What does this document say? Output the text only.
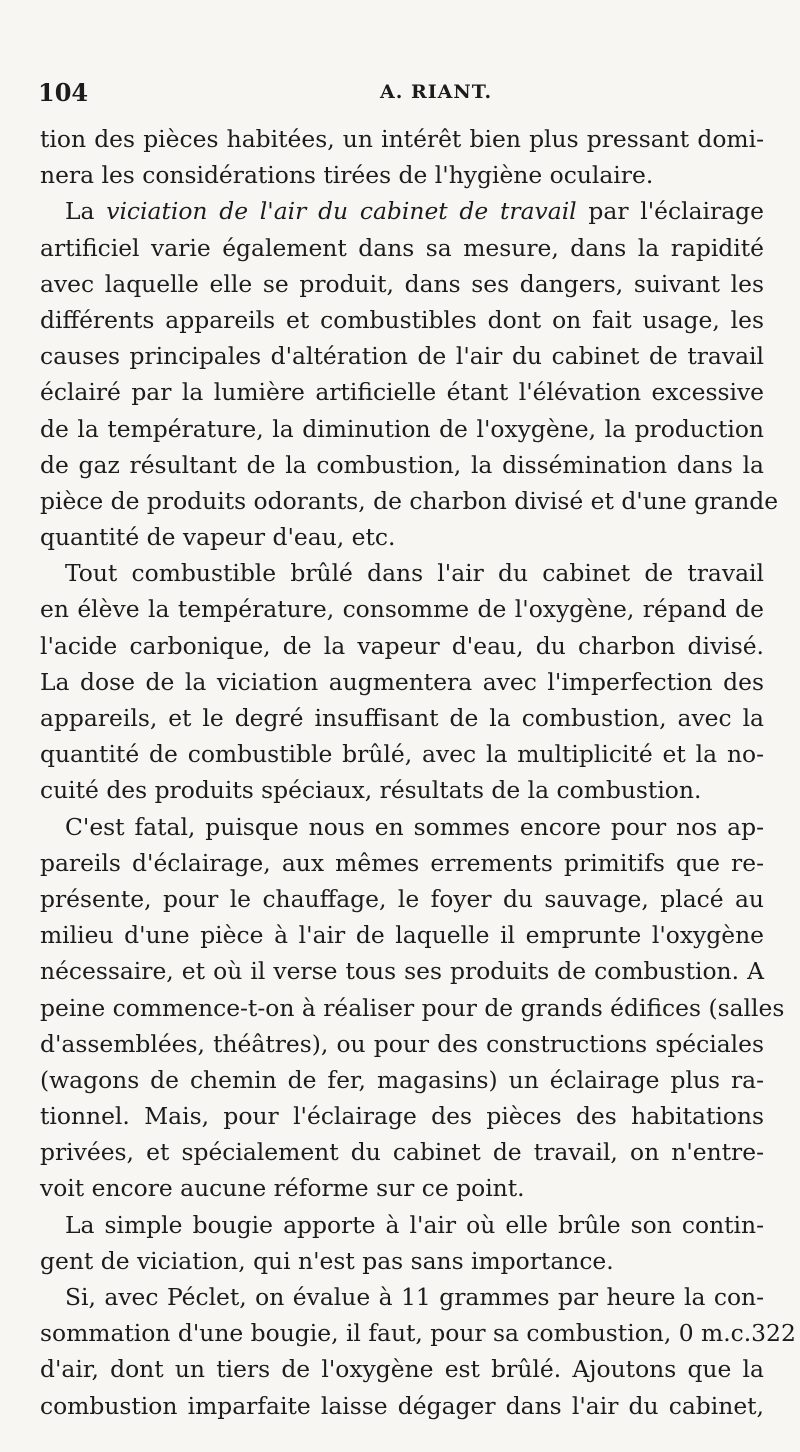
104	A. RIANT.
tion des pièces habitées, un intérêt bien plus pressant domi-
nera les considérations tirées de l'hygiène oculaire.
La viciation de l'air du cabinet de travail par l'éclairage
artificiel varie également dans sa mesure, dans la rapidité
avec laquelle elle se produit, dans ses dangers, suivant les
différents appareils et combustibles dont on fait usage, les
causes principales d'altération de l'air du cabinet de travail
éclairé par la lumière artificielle étant l'élévation excessive
de la température, la diminution de l'oxygène, la production
de gaz résultant de la combustion, la dissémination dans la
pièce de produits odorants, de charbon divisé et d'une grande
quantité de vapeur d'eau, etc.
Tout combustible brûlé dans l'air du cabinet de travail
en élève la température, consomme de l'oxygène, répand de
l'acide carbonique, de la vapeur d'eau, du charbon divisé.
La dose de la viciation augmentera avec l'imperfection des
appareils, et le degré insuffisant de la combustion, avec la
quantité de combustible brûlé, avec la multiplicité et la no-
cuité des produits spéciaux, résultats de la combustion.
C'est fatal, puisque nous en sommes encore pour nos ap-
pareils d'éclairage, aux mêmes errements primitifs que re-
présente, pour le chauffage, le foyer du sauvage, placé au
milieu d'une pièce à l'air de laquelle il emprunte l'oxygène
nécessaire, et où il verse tous ses produits de combustion. A
peine commence-t-on à réaliser pour de grands édifices (salles
d'assemblées, théâtres), ou pour des constructions spéciales
(wagons de chemin de fer, magasins) un éclairage plus ra-
tionnel. Mais, pour l'éclairage des pièces des habitations
privées, et spécialement du cabinet de travail, on n'entre-
voit encore aucune réforme sur ce point.
La simple bougie apporte à l'air où elle brûle son contin-
gent de viciation, qui n'est pas sans importance.
Si, avec Péclet, on évalue à 11 grammes par heure la con-
sommation d'une bougie, il faut, pour sa combustion, 0 m.c.322
d'air, dont un tiers de l'oxygène est brûlé. Ajoutons que la
combustion imparfaite laisse dégager dans l'air du cabinet,
